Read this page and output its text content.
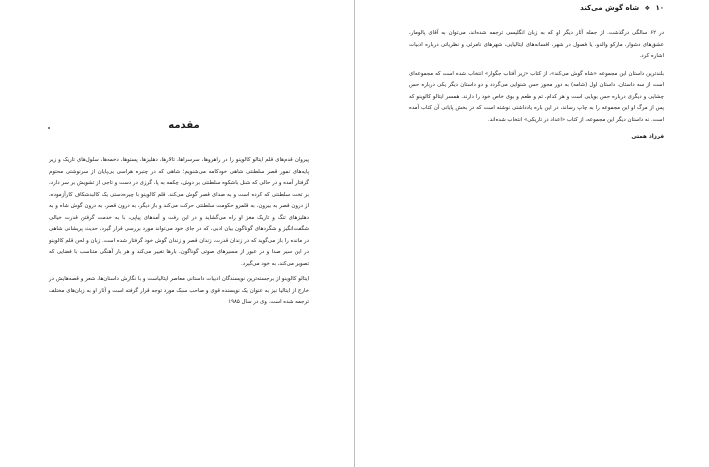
مقدمه

پیروان قدم‌های قلم ایتالو کالوینو را در راهروها، سرسراها، تالارها، دهلیزها، پستوها، دخمه‌ها، سلول‌های تاریک و زیر پایه‌های نمور قصر سلطنتی شاهی خودکامه می‌شنویم؛ شاهی که در چنبره هراسی بی‌پایان از سرنوشتی محتوم گرفتار آمده و در حالی که شنل باشکوه سلطنتی بر دوش، چکمه به پا، گرزی در دست و تاجی از تشویش بر سر دارد، بر تخت سلطنتی که کرده است و به صدای قصر گوش می‌کند. قلم کالوینو با چیره‌دستی یک کالبدشکاف کارآزموده، از درون قصر به بیرون، به قلمرو حکومت سلطنتی حرکت می‌کند و باز دیگر، به درون قصر، به درون گوش شاه و به دهلیزهای تنگ و تاریک مغز او راه می‌گشاید و در این رفت و آمدهای پیاپی، با به خدمت گرفتن قدرت خیالی شگفت‌انگیز و شگردهای گوناگون بیان ادبی، که در جای خود می‌تواند مورد بررسی قرار گیرد، حدیث پریشانی شاهی در مانده را باز می‌گوید که در زندان قدرت، زندان قصر و زندان گوش خود گرفتار شده است. زبان و لحن قلم کالوینو در این سیر صدا و در عبور از مسیرهای صوتی گوناگون، بارها تغییر می‌کند و هر بار آهنگی متناسب با فضایی که تصویر می‌کند، به خود می‌گیرد.

ایتالو کالوینو از برجسته‌ترین نویسندگان ادبیات داستانی معاصر ایتالیاست و با نگارش داستان‌ها، شعر و قصه‌هایش در خارج از ایتالیا نیز به عنوان یک نویسنده قوی و صاحب سبک مورد توجه قرار گرفته است و آثار او به زبان‌های مختلف ترجمه شده است. وی در سال ۱۹۸۵

۱۰ ❖ شاه گوش می‌کند

در ۶۲ سالگی درگذشت. از جمله آثار دیگر او که به زبان انگلیسی ترجمه شده‌اند، می‌توان به آقای پالومار، عشق‌های دشوار، مارکو والدو، یا فصول در شهر، افسانه‌های ایتالیایی، شهرهای نامرئی و نظریاتی درباره ادبیات اشاره کرد.

بلندترین داستان این مجموعه «شاه گوش می‌کند»، از کتاب «زیر آفتاب جگوار» انتخاب شده است که مجموعه‌ای است از سه داستان. داستان اول (شامه) به دور محور حس شنوایی می‌گردد و دو داستان دیگر یکی درباره حس چشایی و دیگری درباره حس بویایی است و هر کدام، تم و طعم و بوی خاص خود را دارند. همسر ایتالو کالوینو که پس از مرگ او این مجموعه را به چاپ رساند، در این باره یادداشتی نوشته است که در بخش پایانی آن کتاب آمده است. نه داستان دیگر این مجموعه، از کتاب «اعداد در تاریکی» انتخاب شده‌اند.

فرزاد همتی
